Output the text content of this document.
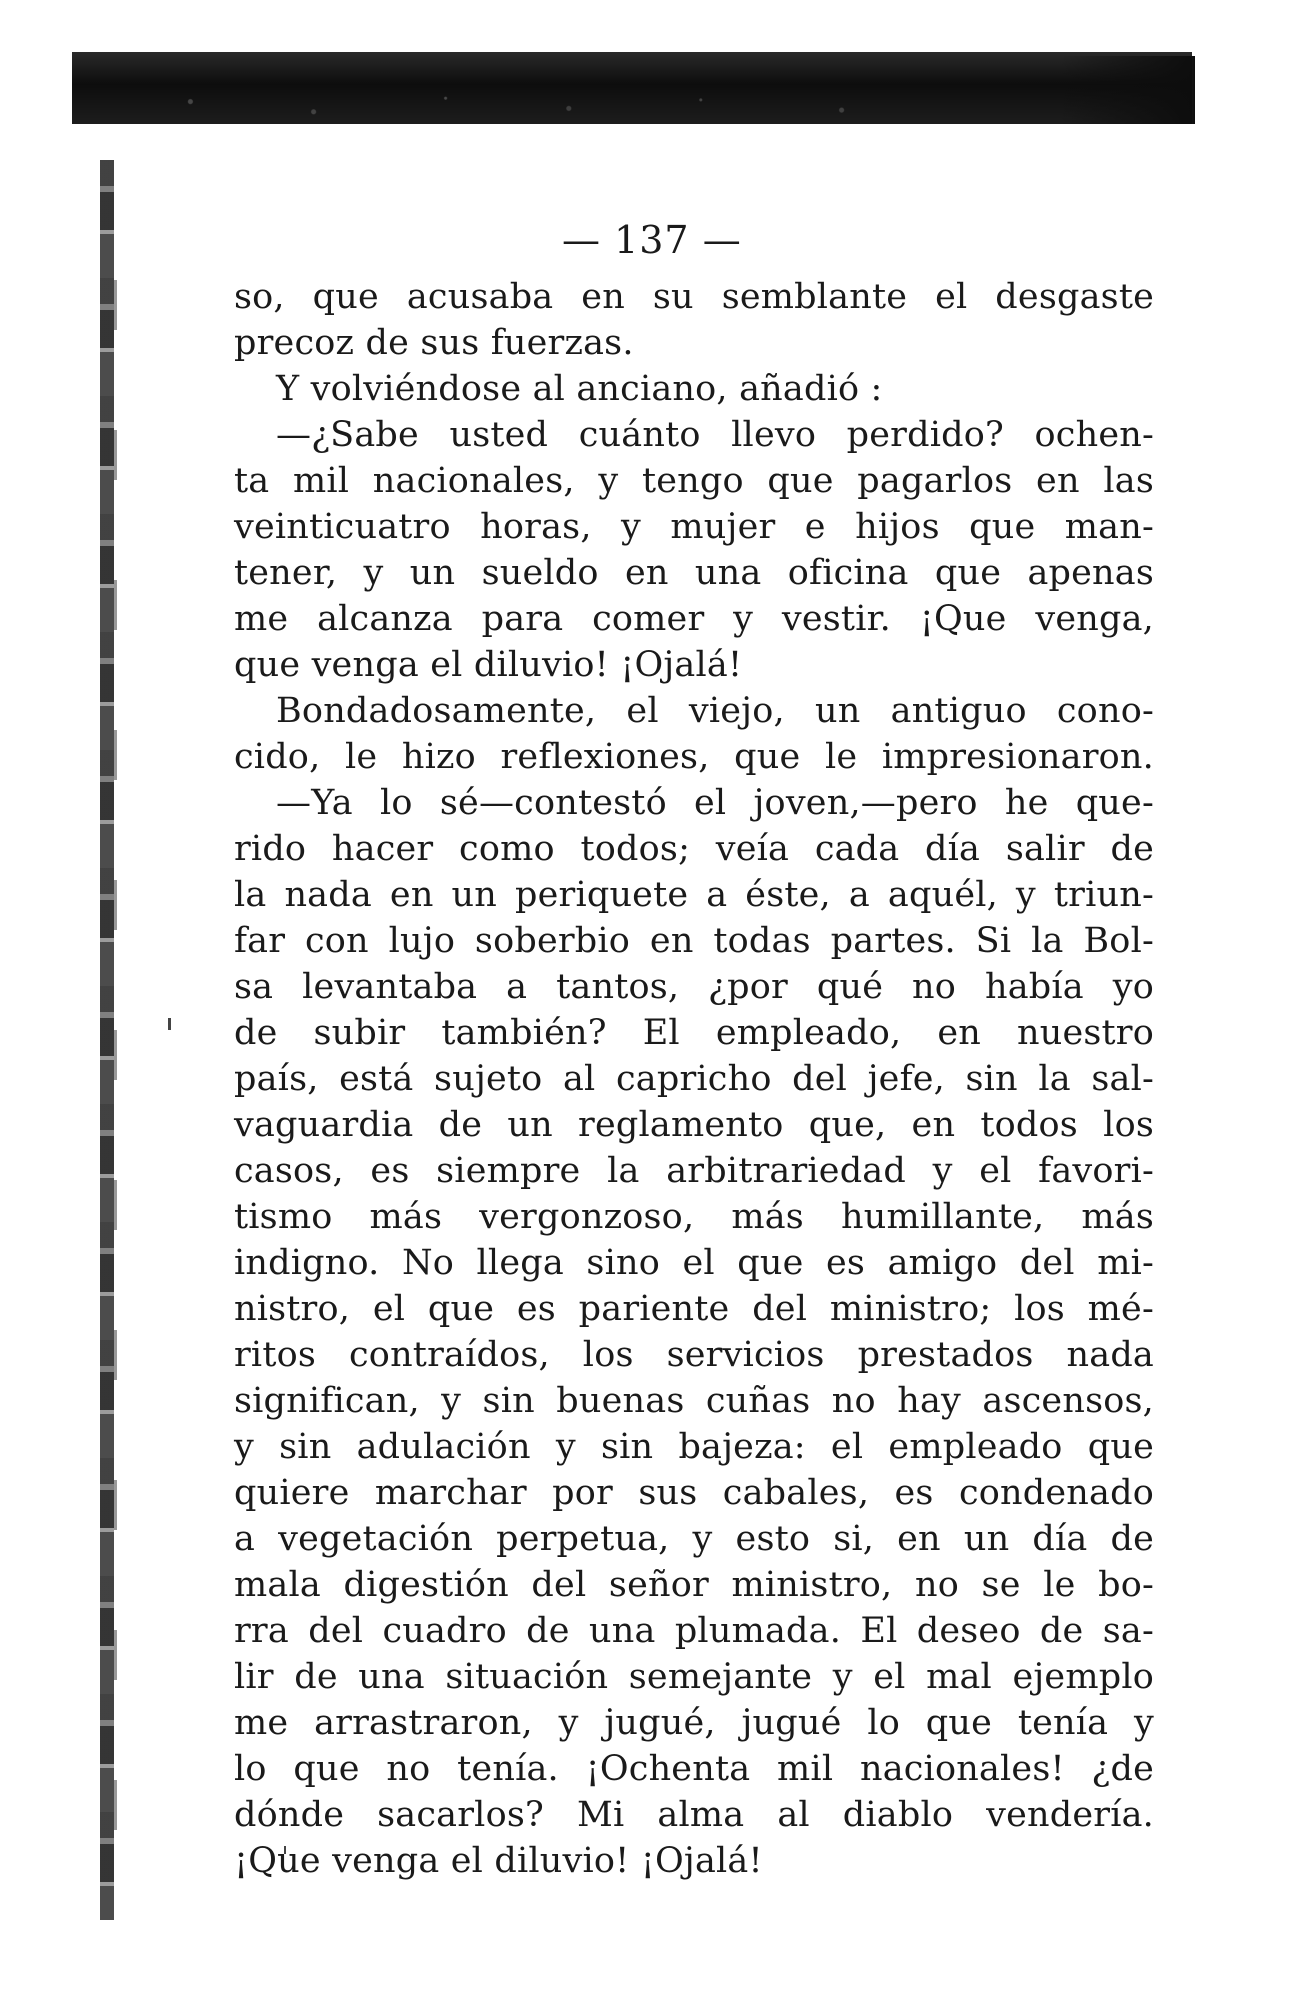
— 137 —
so, que acusaba en su semblante el desgaste
precoz de sus fuerzas.
Y volviéndose al anciano, añadió :
—¿Sabe usted cuánto llevo perdido? ochen-
ta mil nacionales, y tengo que pagarlos en las
veinticuatro horas, y mujer e hijos que man-
tener, y un sueldo en una oficina que apenas
me alcanza para comer y vestir. ¡Que venga,
que venga el diluvio! ¡Ojalá!
Bondadosamente, el viejo, un antiguo cono-
cido, le hizo reflexiones, que le impresionaron.
—Ya lo sé—contestó el joven,—pero he que-
rido hacer como todos; veía cada día salir de
la nada en un periquete a éste, a aquél, y triun-
far con lujo soberbio en todas partes. Si la Bol-
sa levantaba a tantos, ¿por qué no había yo
de subir también? El empleado, en nuestro
país, está sujeto al capricho del jefe, sin la sal-
vaguardia de un reglamento que, en todos los
casos, es siempre la arbitrariedad y el favori-
tismo más vergonzoso, más humillante, más
indigno. No llega sino el que es amigo del mi-
nistro, el que es pariente del ministro; los mé-
ritos contraídos, los servicios prestados nada
significan, y sin buenas cuñas no hay ascensos,
y sin adulación y sin bajeza: el empleado que
quiere marchar por sus cabales, es condenado
a vegetación perpetua, y esto si, en un día de
mala digestión del señor ministro, no se le bo-
rra del cuadro de una plumada. El deseo de sa-
lir de una situación semejante y el mal ejemplo
me arrastraron, y jugué, jugué lo que tenía y
lo que no tenía. ¡Ochenta mil nacionales! ¿de
dónde sacarlos? Mi alma al diablo vendería.
¡Que venga el diluvio! ¡Ojalá!
